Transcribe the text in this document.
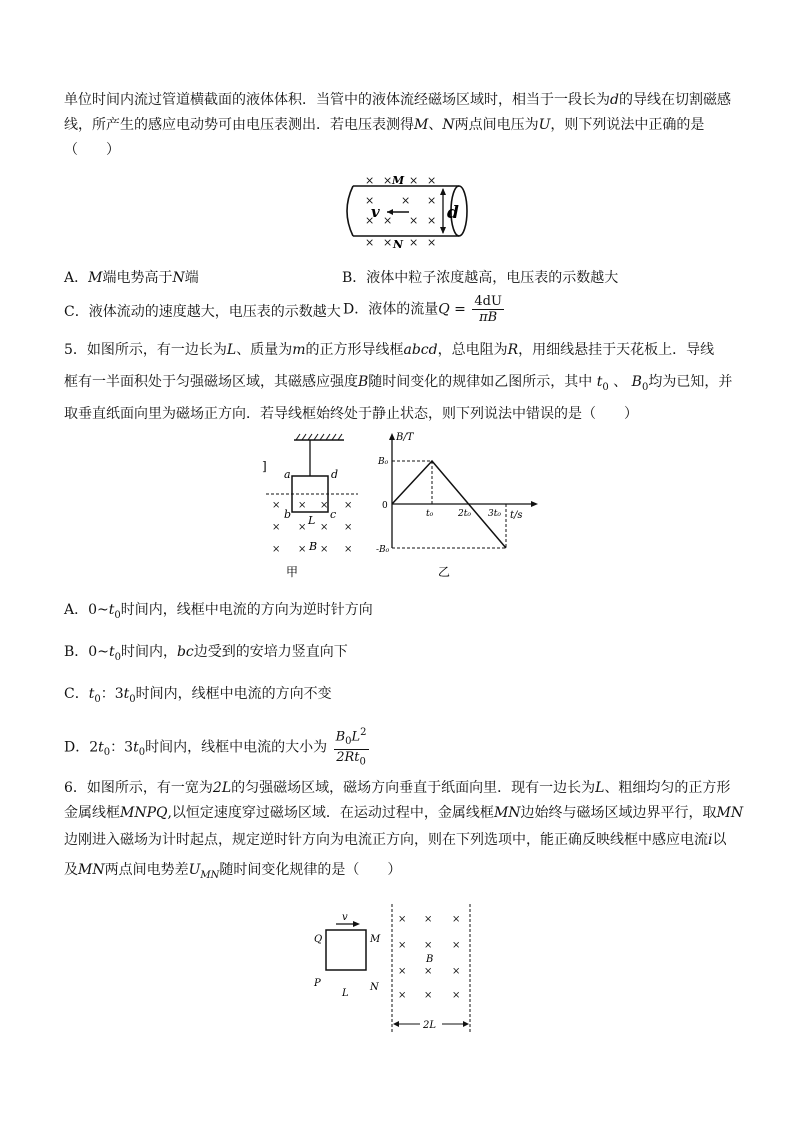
单位时间内流过管道横截面的液体体积．当管中的液体流经磁场区域时，相当于一段长为d的导线在切割磁感
线，所产生的感应电动势可由电压表测出．若电压表测得M、N两点间电压为U，则下列说法中正确的是
（　　）
× × × ×
× × ×
× × × ×
× × × ×
M
N
v	d
A．M端电势高于N端	B．液体中粒子浓度越高，电压表的示数越大
C．液体流动的速度越大，电压表的示数越大 D．液体的流量$Q = \frac{4dU}{\pi B}$
5．如图所示，有一边长为L、质量为m的正方形导线框abcd，总电阻为R，用细线悬挂于天花板上．导线
框有一半面积处于匀强磁场区域，其磁感应强度B随时间变化的规律如乙图所示，其中 $t_0$ 、 $B_0$均为已知，并
取垂直纸面向里为磁场正方向．若导线框始终处于静止状态，则下列说法中错误的是（　　）
]
a	d
b	c
L
B
× × ×
×
× × × ×
× × × ×
甲
B/T
t/s
B₀
-B₀
0
t₀	2t₀ 3t₀
乙
A．$0\sim t_0$时间内，线框中电流的方向为逆时针方向
B．$0\sim t_0$时间内，bc边受到的安培力竖直向下
C．$t_0$：$3t_0$时间内，线框中电流的方向不变
D．$2t_0$：$3t_0$时间内，线框中电流的大小为 $\frac{B_0L^2}{2Rt_0}$
6．如图所示，有一宽为2L的匀强磁场区域，磁场方向垂直于纸面向里．现有一边长为L、粗细均匀的正方形
金属线框MNPQ,以恒定速度穿过磁场区域．在运动过程中，金属线框MN边始终与磁场区域边界平行，取MN
边刚进入磁场为计时起点，规定逆时针方向为电流正方向，则在下列选项中，能正确反映线框中感应电流i以
及MN两点间电势差$U_{MN}$随时间变化规律的是（　　）
v
Q	M
P	N
L
× × ×
× × ×
× × ×
× × ×
B
2L
